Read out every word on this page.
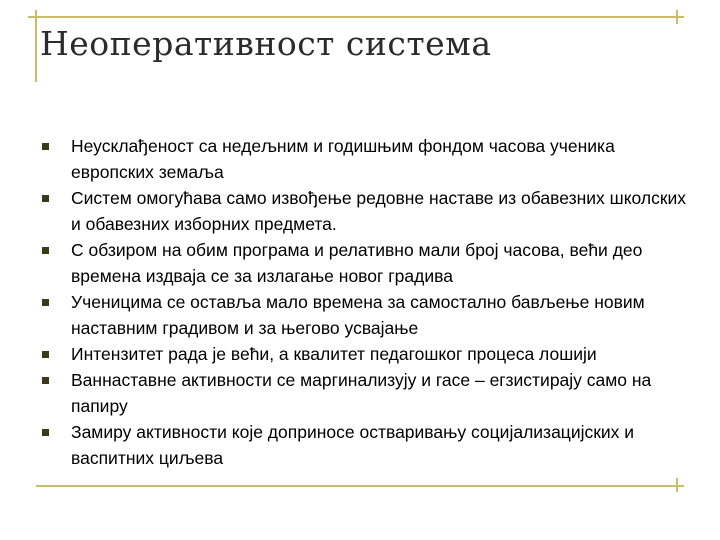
Неоперативност система
Неусклађеност са недељним и годишњим фондом часова ученика европских земаља
Систем омогућава само извођење редовне наставе из обавезних школских и обавезних изборних предмета.
С обзиром на обим програма и релативно мали број часова, већи део времена издваја се за излагање новог градива
Ученицима се оставља мало времена за самостално бављење новим наставним градивом и за његово усвајање
Интензитет рада је већи, а квалитет педагошког процеса лошији
Ваннаставне активности се маргинализују и гасе – егзистирају само на папиру
Замиру активности које доприносе остваривању социјализацијских и васпитних циљева
